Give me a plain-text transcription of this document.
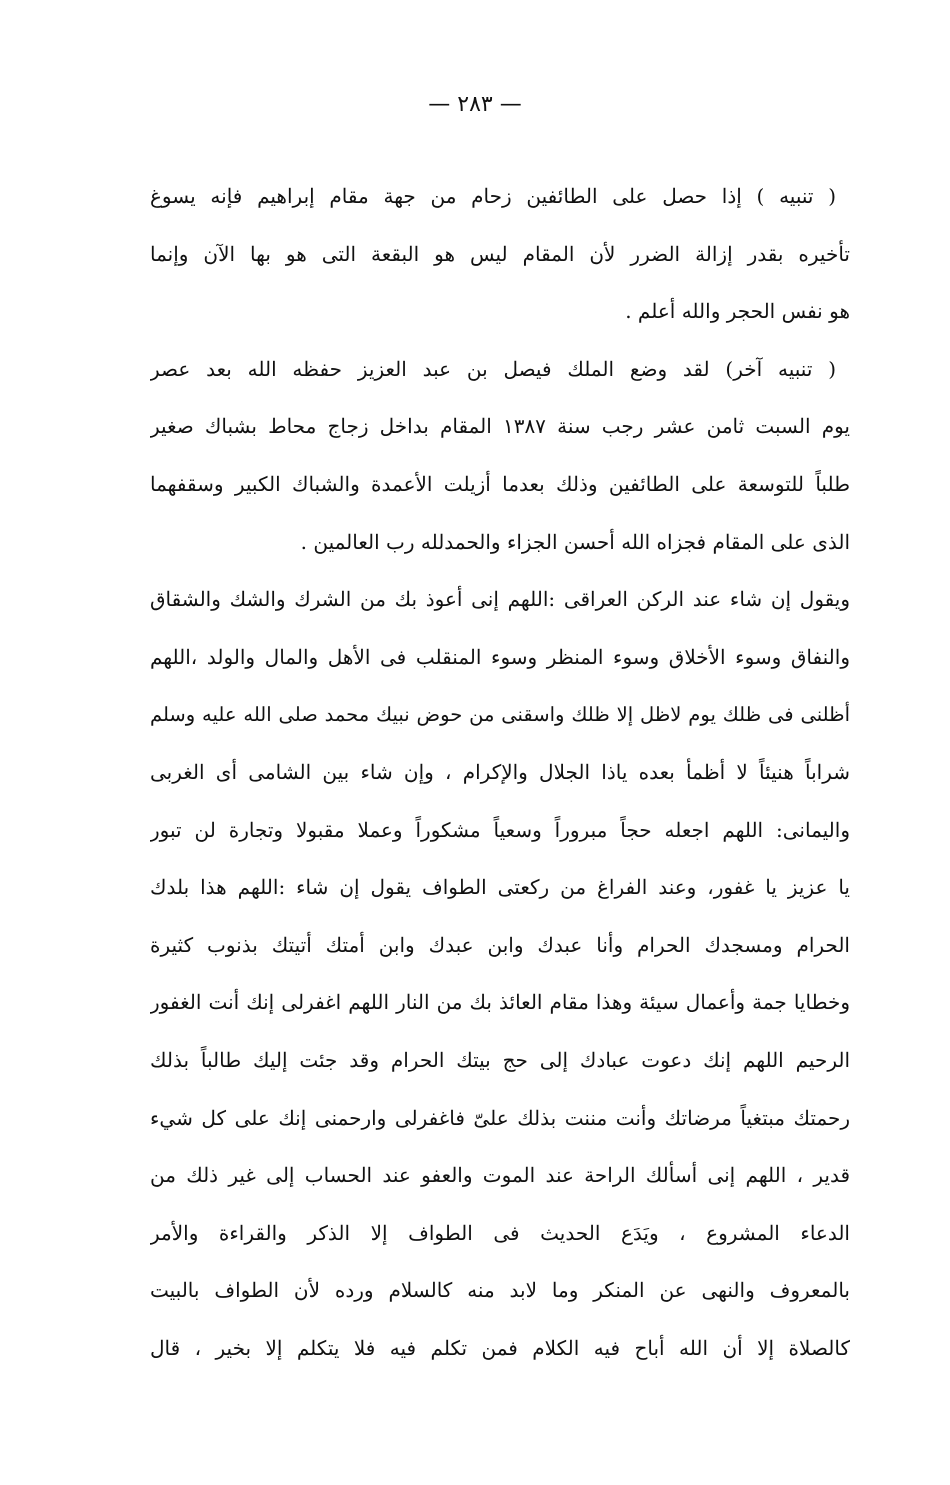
— ٢٨٣ —
( تنبيه ) إذا حصل على الطائفين زحام من جهة مقام إبراهيم فإنه يسوغ
تأخيره بقدر إزالة الضرر لأن المقام ليس هو البقعة التى هو بها الآن وإنما
هو نفس الحجر والله أعلم .
( تنبيه آخر) لقد وضع الملك فيصل بن عبد العزيز حفظه الله بعد عصر
يوم السبت ثامن عشر رجب سنة ١٣٨٧ المقام بداخل زجاج محاط بشباك صغير
طلباً للتوسعة على الطائفين وذلك بعدما أزيلت الأعمدة والشباك الكبير وسقفهما
الذى على المقام فجزاه الله أحسن الجزاء والحمدلله رب العالمين .
ويقول إن شاء عند الركن العراقى :اللهم إنى أعوذ بك من الشرك والشك والشقاق
والنفاق وسوء الأخلاق وسوء المنظر وسوء المنقلب فى الأهل والمال والولد ،اللهم
أظلنى فى ظلك يوم لاظل إلا ظلك واسقنى من حوض نبيك محمد صلى الله عليه وسلم
شراباً هنيئاً لا أظمأ بعده ياذا الجلال والإكرام ، وإن شاء بين الشامى أى الغربى
واليمانى: اللهم اجعله حجاً مبروراً وسعياً مشكوراً وعملا مقبولا وتجارة لن تبور
يا عزيز يا غفور، وعند الفراغ من ركعتى الطواف يقول إن شاء :اللهم هذا بلدك
الحرام ومسجدك الحرام وأنا عبدك وابن عبدك وابن أمتك أتيتك بذنوب كثيرة
وخطايا جمة وأعمال سيئة وهذا مقام العائذ بك من النار اللهم اغفرلى إنك أنت الغفور
الرحيم اللهم إنك دعوت عبادك إلى حج بيتك الحرام وقد جئت إليك طالباً بذلك
رحمتك مبتغياً مرضاتك وأنت مننت بذلك علىّ فاغفرلى وارحمنى إنك على كل شيء
قدير ، اللهم إنى أسألك الراحة عند الموت والعفو عند الحساب إلى غير ذلك من
الدعاء المشروع ، ويَدَع الحديث فى الطواف إلا الذكر والقراءة والأمر
بالمعروف والنهى عن المنكر وما لابد منه كالسلام ورده لأن الطواف بالبيت
كالصلاة إلا أن الله أباح فيه الكلام فمن تكلم فيه فلا يتكلم إلا بخير ، قال
